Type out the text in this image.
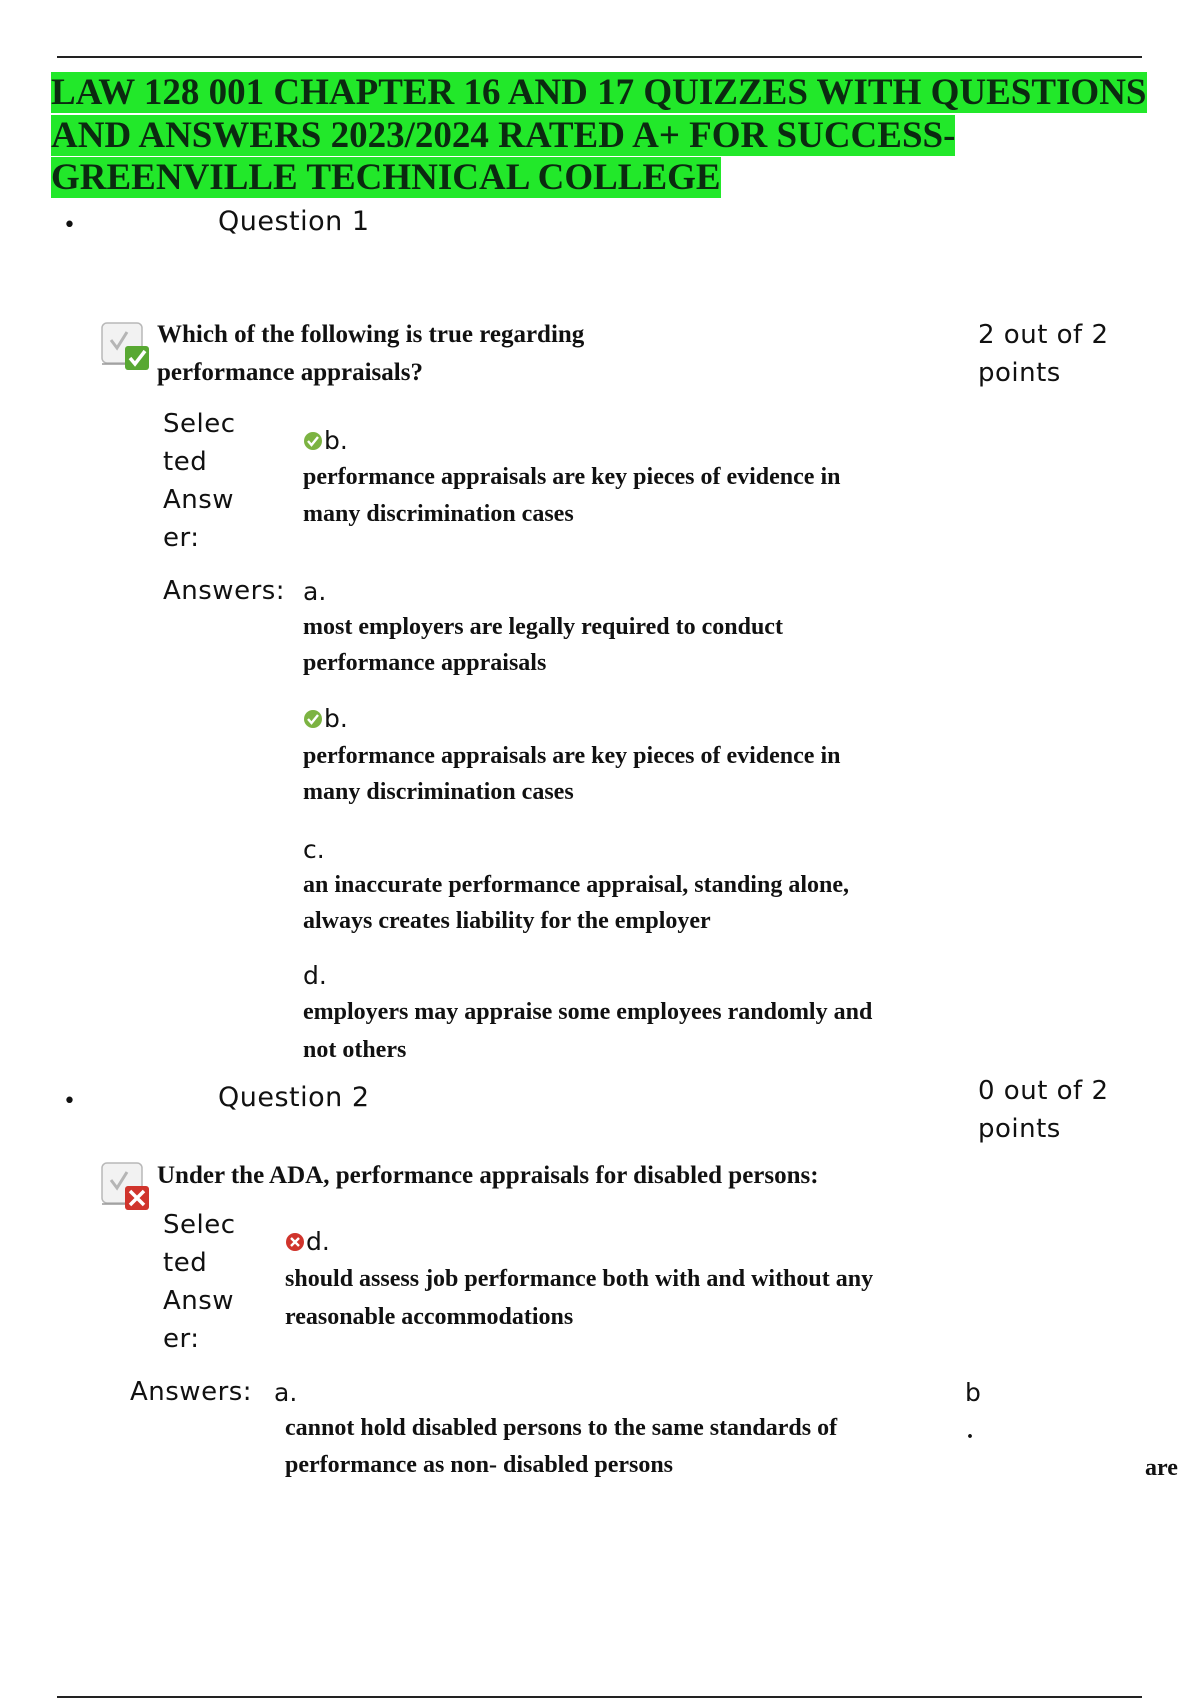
LAW 128 001 CHAPTER 16 AND 17 QUIZZES WITH QUESTIONS
AND ANSWERS 2023/2024 RATED A+ FOR SUCCESS-
GREENVILLE TECHNICAL COLLEGE
•	Question 1
Which of the following is true regarding
performance appraisals?
2 out of 2
points
Selec
ted
Answ
er:
b.
performance appraisals are key pieces of evidence in
many discrimination cases
Answers: a.
most employers are legally required to conduct
performance appraisals
b.
performance appraisals are key pieces of evidence in
many discrimination cases
c.
an inaccurate performance appraisal, standing alone,
always creates liability for the employer
d.
employers may appraise some employees randomly and
not others
•	Question 2	0 out of 2
points
Under the ADA, performance appraisals for disabled persons:
Selec
ted
Answ
er:
d.
should assess job performance both with and without any
reasonable accommodations
Answers: a.
cannot hold disabled persons to the same standards of
performance as non- disabled persons
b
.
are
